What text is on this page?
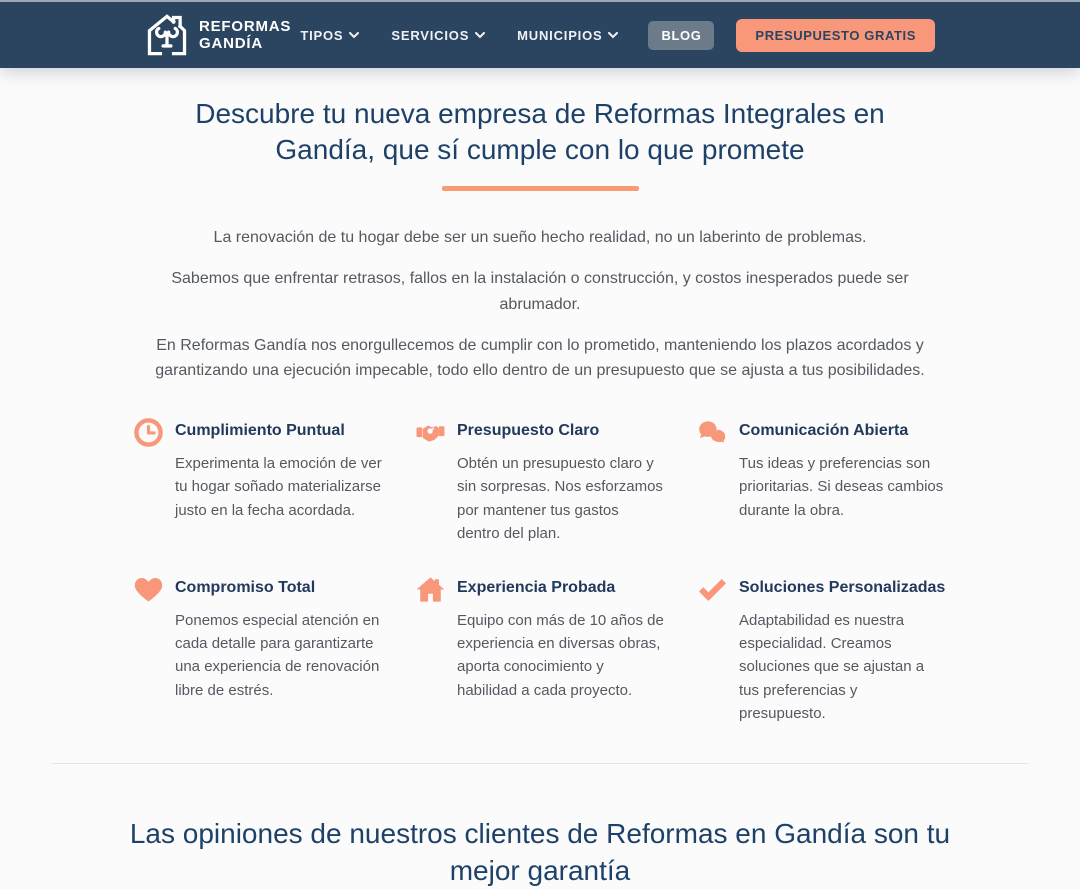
REFORMAS
GANDÍA	TIPOS	SERVICIOS	MUNICIPIOS	BLOG	PRESUPUESTO GRATIS
Descubre tu nueva empresa de Reformas Integrales en Gandía, que sí cumple con lo que promete

La renovación de tu hogar debe ser un sueño hecho realidad, no un laberinto de problemas.

Sabemos que enfrentar retrasos, fallos en la instalación o construcción, y costos inesperados puede ser abrumador.

En Reformas Gandía nos enorgullecemos de cumplir con lo prometido, manteniendo los plazos acordados y garantizando una ejecución impecable, todo ello dentro de un presupuesto que se ajusta a tus posibilidades.

Cumplimiento Puntual
Experimenta la emoción de ver tu hogar soñado materializarse justo en la fecha acordada.
Presupuesto Claro
Obtén un presupuesto claro y sin sorpresas. Nos esforzamos por mantener tus gastos dentro del plan.
Comunicación Abierta
Tus ideas y preferencias son prioritarias. Si deseas cambios durante la obra.
Compromiso Total
Ponemos especial atención en cada detalle para garantizarte una experiencia de renovación libre de estrés.
Experiencia Probada
Equipo con más de 10 años de experiencia en diversas obras, aporta conocimiento y habilidad a cada proyecto.
Soluciones Personalizadas
Adaptabilidad es nuestra especialidad. Creamos soluciones que se ajustan a tus preferencias y presupuesto.
Las opiniones de nuestros clientes de Reformas en Gandía son tu mejor garantía
